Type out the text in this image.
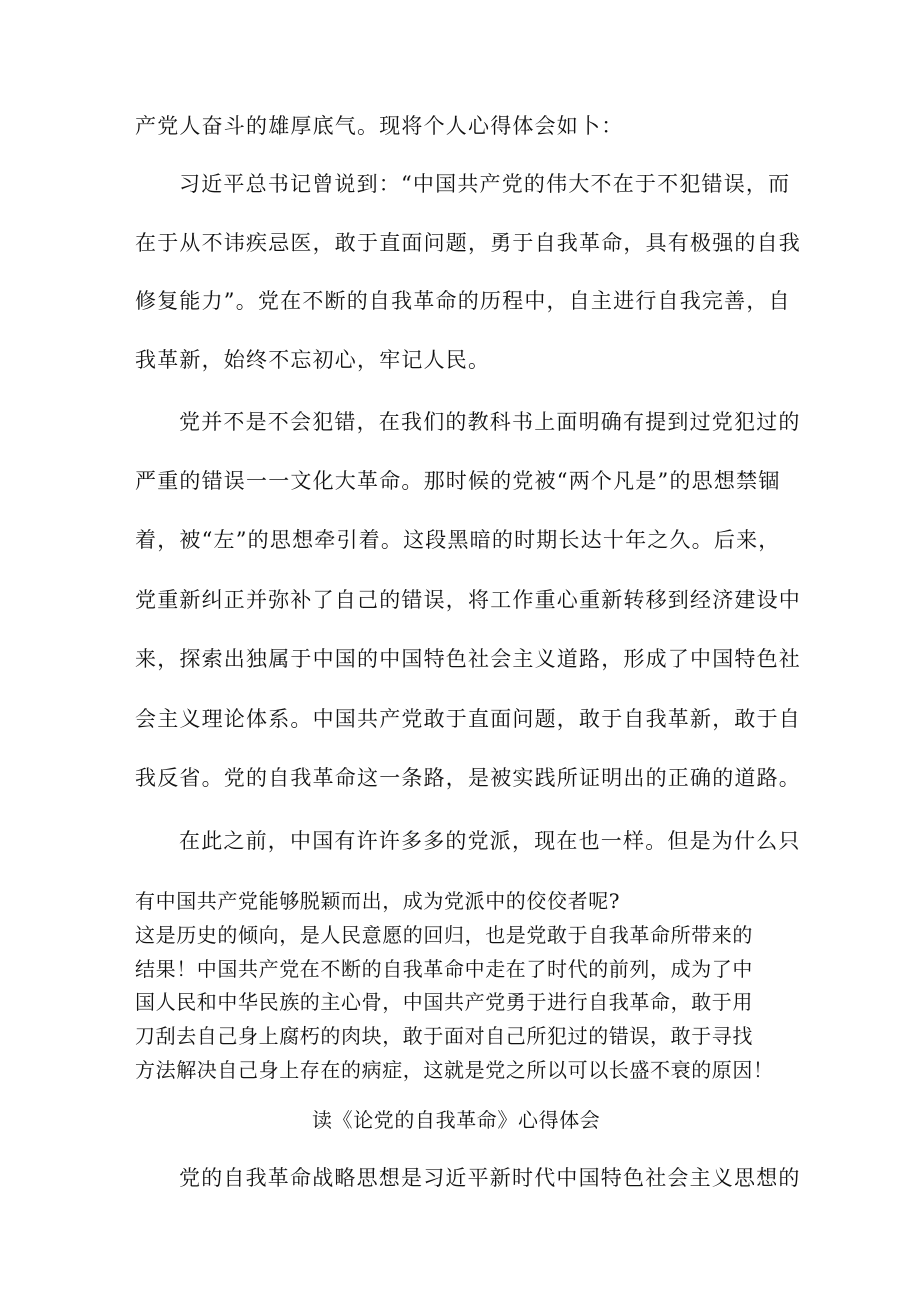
产党人奋斗的雄厚底气。现将个人心得体会如卜：

习近平总书记曾说到：“中国共产党的伟大不在于不犯错误，而

在于从不讳疾忌医，敢于直面问题，勇于自我革命，具有极强的自我

修复能力”。党在不断的自我革命的历程中，自主进行自我完善，自

我革新，始终不忘初心，牢记人民。

党并不是不会犯错，在我们的教科书上面明确有提到过党犯过的

严重的错误一一文化大革命。那时候的党被“两个凡是”的思想禁锢

着，被“左”的思想牵引着。这段黑暗的时期长达十年之久。后来，

党重新纠正并弥补了自己的错误，将工作重心重新转移到经济建设中

来，探索出独属于中国的中国特色社会主义道路，形成了中国特色社

会主义理论体系。中国共产党敢于直面问题，敢于自我革新，敢于自

我反省。党的自我革命这一条路，是被实践所证明出的正确的道路。

在此之前，中国有许许多多的党派，现在也一样。但是为什么只

有中国共产党能够脱颖而出，成为党派中的佼佼者呢?

这是历史的倾向，是人民意愿的回归，也是党敢于自我革命所带来的

结果！中国共产党在不断的自我革命中走在了时代的前列，成为了中

国人民和中华民族的主心骨，中国共产党勇于进行自我革命，敢于用

刀刮去自己身上腐朽的肉块，敢于面对自己所犯过的错误，敢于寻找

方法解决自己身上存在的病症，这就是党之所以可以长盛不衰的原因！

读《论党的自我革命》心得体会

党的自我革命战略思想是习近平新时代中国特色社会主义思想的
